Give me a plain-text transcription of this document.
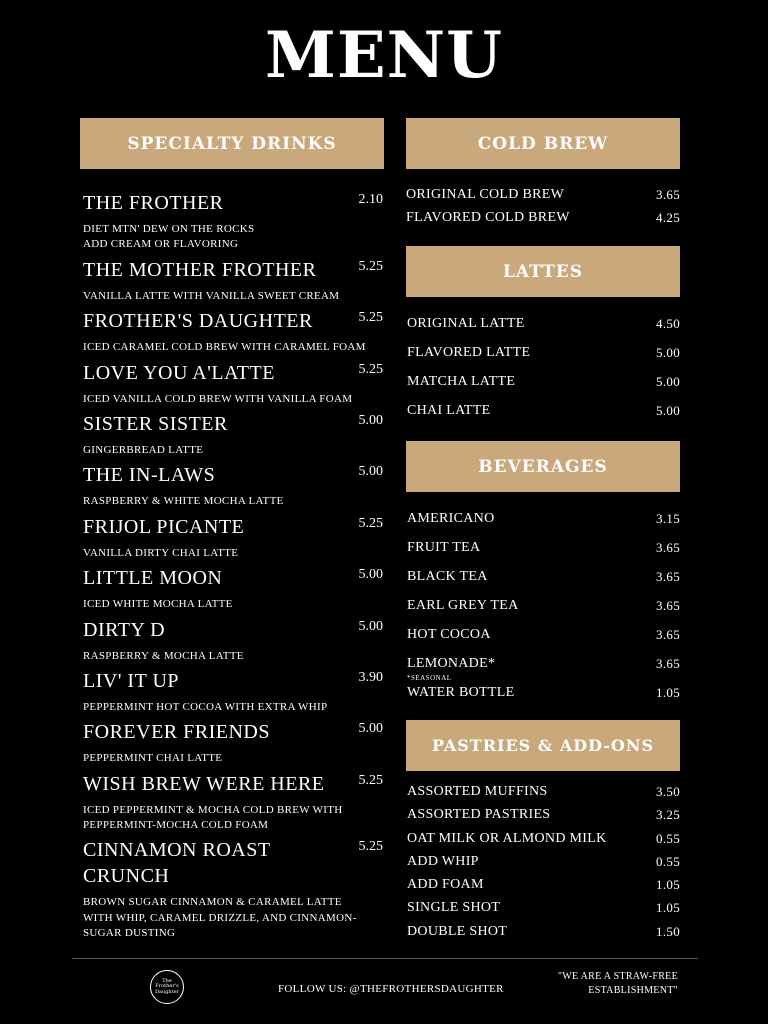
MENU
SPECIALTY DRINKS
THE FROTHER	2.10
DIET MTN' DEW ON THE ROCKS
ADD CREAM OR FLAVORING
THE MOTHER FROTHER	5.25
VANILLA LATTE WITH VANILLA SWEET CREAM
FROTHER'S DAUGHTER	5.25
ICED CARAMEL COLD BREW WITH CARAMEL FOAM
LOVE YOU A'LATTE	5.25
ICED VANILLA COLD BREW WITH VANILLA FOAM
SISTER SISTER	5.00
GINGERBREAD LATTE
THE IN-LAWS	5.00
RASPBERRY & WHITE MOCHA LATTE
FRIJOL PICANTE	5.25
VANILLA DIRTY CHAI LATTE
LITTLE MOON	5.00
ICED WHITE MOCHA LATTE
DIRTY D	5.00
RASPBERRY & MOCHA LATTE
LIV' IT UP	3.90
PEPPERMINT HOT COCOA WITH EXTRA WHIP
FOREVER FRIENDS	5.00
PEPPERMINT CHAI LATTE
WISH BREW WERE HERE	5.25
ICED PEPPERMINT & MOCHA COLD BREW WITH
PEPPERMINT-MOCHA COLD FOAM
CINNAMON ROAST
CRUNCH
5.25
BROWN SUGAR CINNAMON & CARAMEL LATTE
WITH WHIP, CARAMEL DRIZZLE, AND CINNAMON-
SUGAR DUSTING
COLD BREW
ORIGINAL COLD BREW	3.65
FLAVORED COLD BREW	4.25
LATTES
ORIGINAL LATTE	4.50
FLAVORED LATTE	5.00
MATCHA LATTE	5.00
CHAI LATTE	5.00
BEVERAGES
AMERICANO	3.15
FRUIT TEA	3.65
BLACK TEA	3.65
EARL GREY TEA	3.65
HOT COCOA	3.65
LEMONADE*	3.65
*SEASONAL
WATER BOTTLE	1.05
PASTRIES & ADD-ONS
ASSORTED MUFFINS	3.50
ASSORTED PASTRIES	3.25
OAT MILK OR ALMOND MILK	0.55
ADD WHIP	0.55
ADD FOAM	1.05
SINGLE SHOT	1.05
DOUBLE SHOT	1.50
The Frother's Daughter	FOLLOW US: @THEFROTHERSDAUGHTER
"WE ARE A STRAW-FREE
ESTABLISHMENT"
